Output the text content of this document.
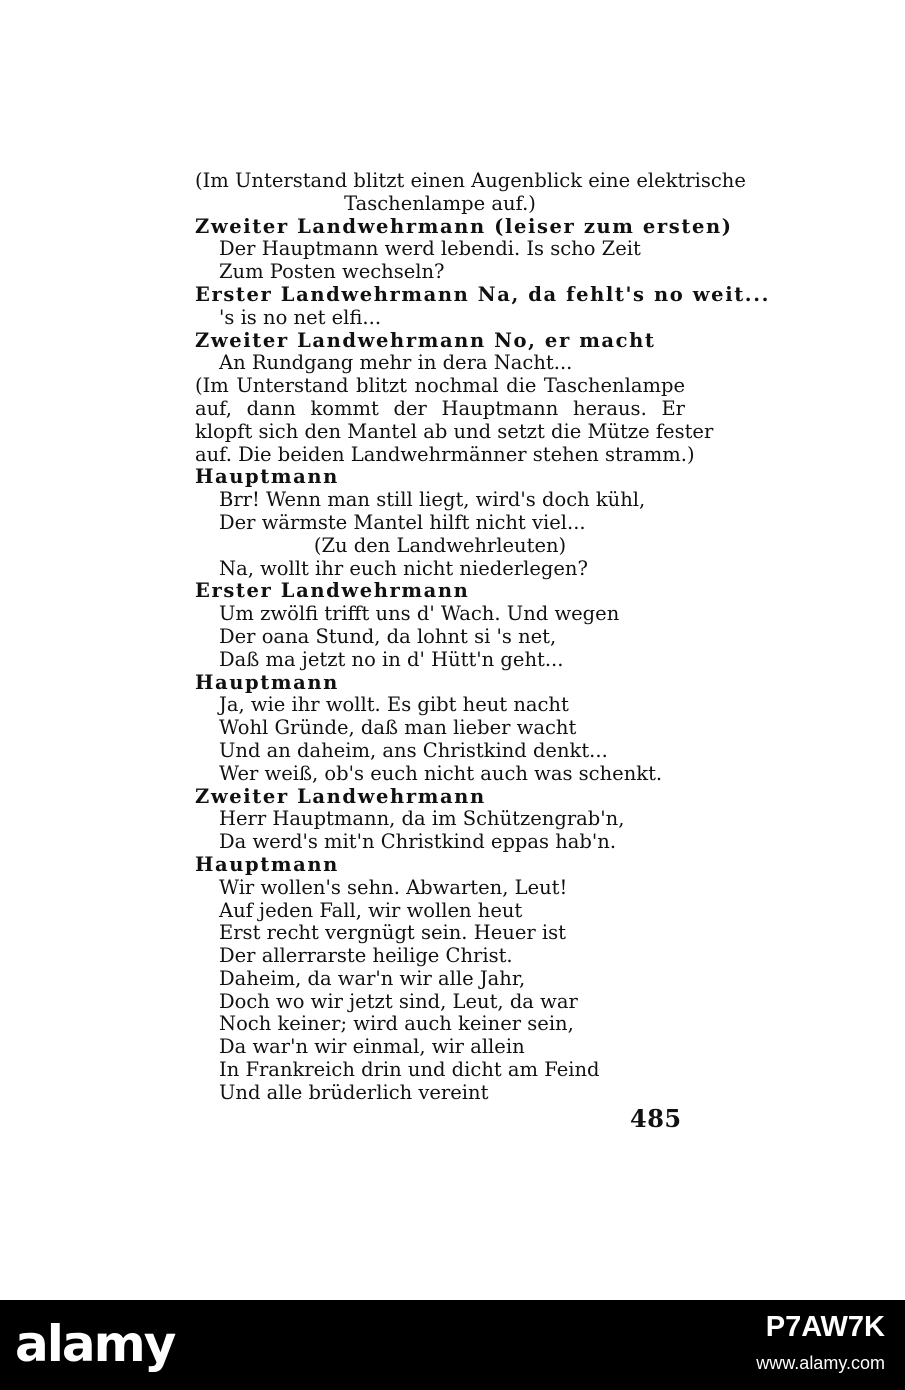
(Im Unterstand blitzt einen Augenblick eine elektrische
Taschenlampe auf.)
Zweiter Landwehrmann (leiser zum ersten)
Der Hauptmann werd lebendi. Is scho Zeit
Zum Posten wechseln?
Erster Landwehrmann Na, da fehlt's no weit...
's is no net elfi...
Zweiter Landwehrmann No, er macht
An Rundgang mehr in dera Nacht...
(Im Unterstand blitzt nochmal die Taschenlampe
auf, dann kommt der Hauptmann heraus. Er
klopft sich den Mantel ab und setzt die Mütze fester
auf. Die beiden Landwehrmänner stehen stramm.)
Hauptmann
Brr! Wenn man still liegt, wird's doch kühl,
Der wärmste Mantel hilft nicht viel...
(Zu den Landwehrleuten)
Na, wollt ihr euch nicht niederlegen?
Erster Landwehrmann
Um zwölfi trifft uns d' Wach. Und wegen
Der oana Stund, da lohnt si 's net,
Daß ma jetzt no in d' Hütt'n geht...
Hauptmann
Ja, wie ihr wollt. Es gibt heut nacht
Wohl Gründe, daß man lieber wacht
Und an daheim, ans Christkind denkt...
Wer weiß, ob's euch nicht auch was schenkt.
Zweiter Landwehrmann
Herr Hauptmann, da im Schützengrab'n,
Da werd's mit'n Christkind eppas hab'n.
Hauptmann
Wir wollen's sehn. Abwarten, Leut!
Auf jeden Fall, wir wollen heut
Erst recht vergnügt sein. Heuer ist
Der allerrarste heilige Christ.
Daheim, da war'n wir alle Jahr,
Doch wo wir jetzt sind, Leut, da war
Noch keiner; wird auch keiner sein,
Da war'n wir einmal, wir allein
In Frankreich drin und dicht am Feind
Und alle brüderlich vereint
485
alamy	P7AW7K
www.alamy.com
